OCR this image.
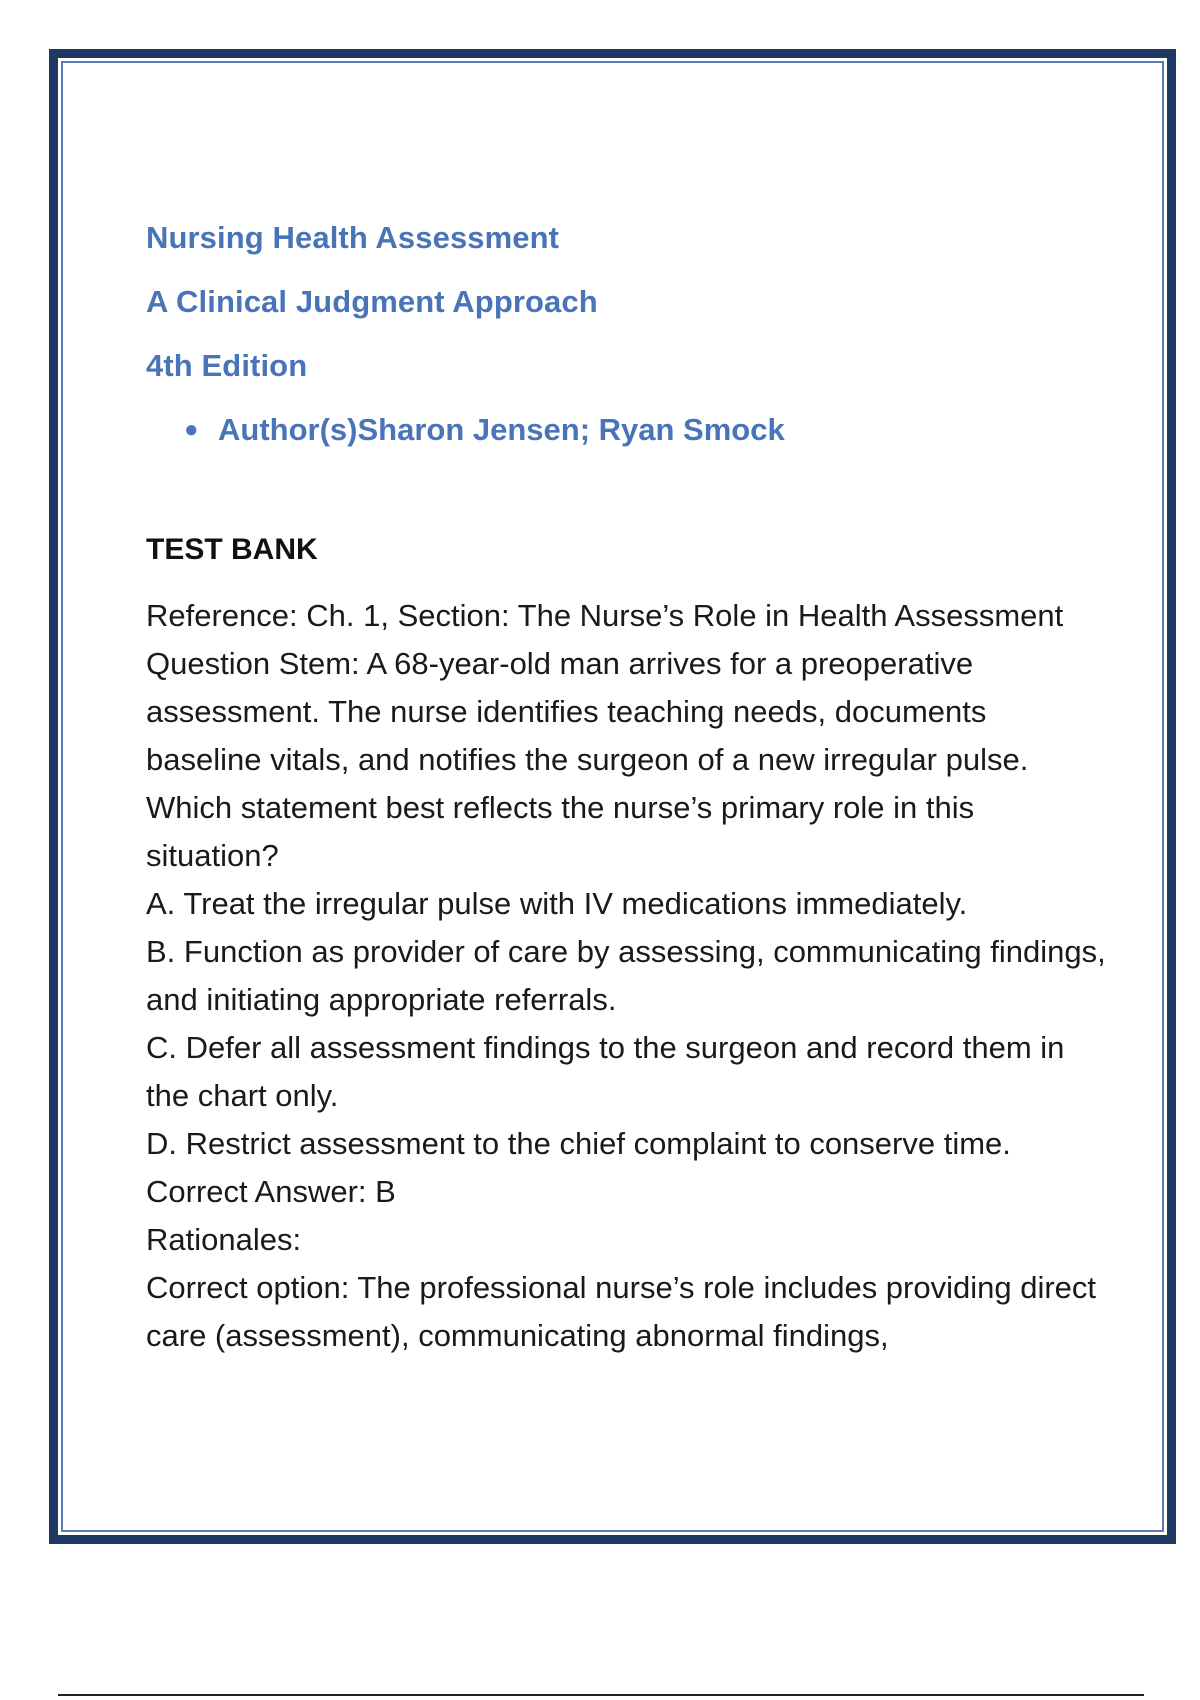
Nursing Health Assessment
A Clinical Judgment Approach
4th Edition
● Author(s)Sharon Jensen; Ryan Smock
TEST BANK

Reference: Ch. 1, Section: The Nurse’s Role in Health Assessment

Question Stem: A 68-year-old man arrives for a preoperative assessment. The nurse identifies teaching needs, documents baseline vitals, and notifies the surgeon of a new irregular pulse. Which statement best reflects the nurse’s primary role in this situation?

A. Treat the irregular pulse with IV medications immediately.

B. Function as provider of care by assessing, communicating findings, and initiating appropriate referrals.

C. Defer all assessment findings to the surgeon and record them in the chart only.

D. Restrict assessment to the chief complaint to conserve time.

Correct Answer: B

Rationales:

Correct option: The professional nurse’s role includes providing direct care (assessment), communicating abnormal findings,
